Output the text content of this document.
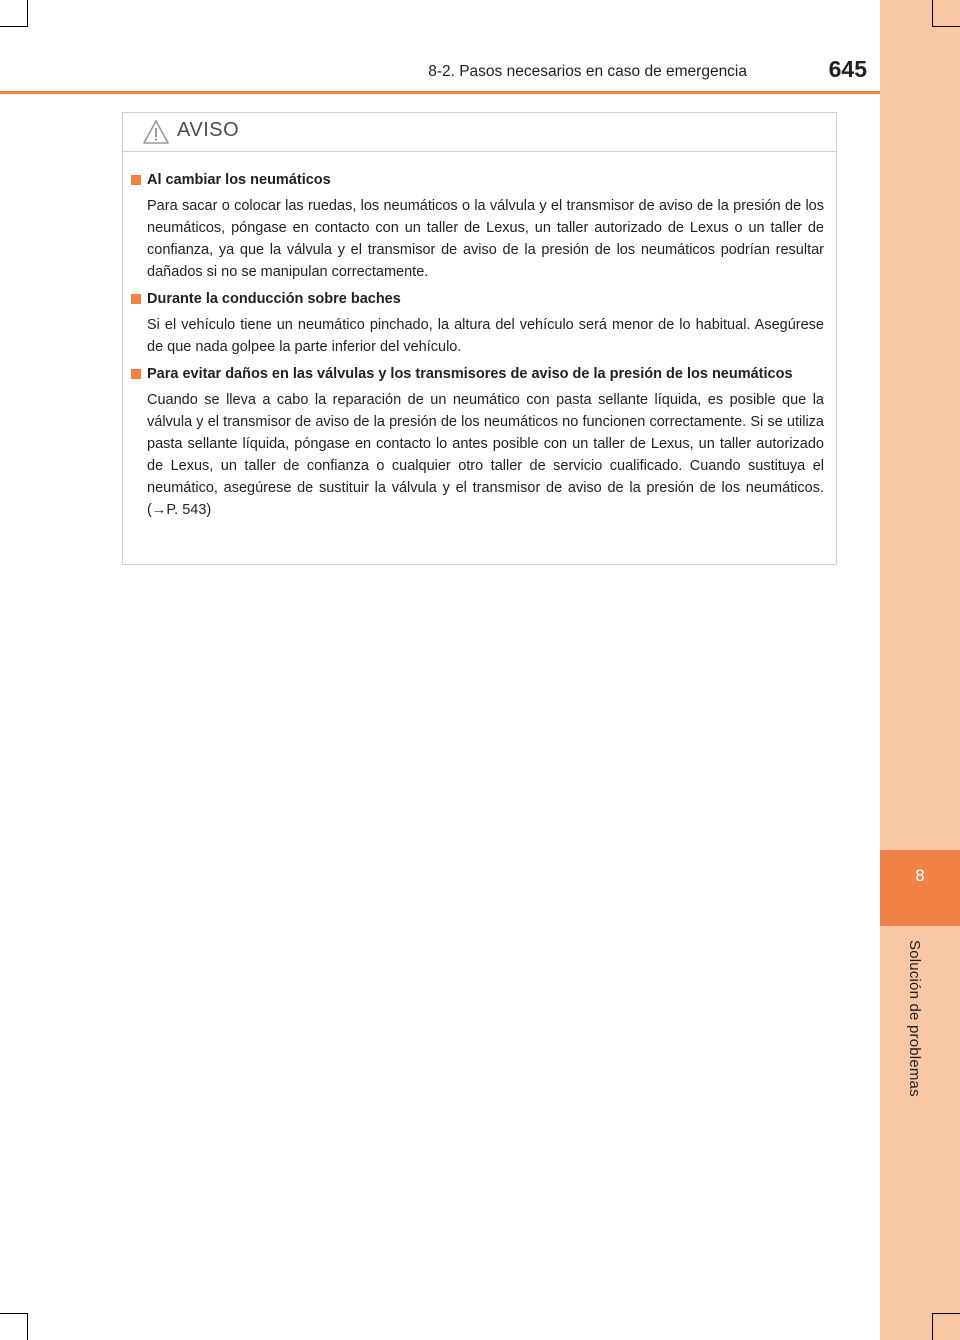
8
Solución de problemas
8-2. Pasos necesarios en caso de emergencia	645
AVISO
Al cambiar los neumáticos
Para sacar o colocar las ruedas, los neumáticos o la válvula y el transmisor de aviso de la presión de los neumáticos, póngase en contacto con un taller de Lexus, un taller autorizado de Lexus o un taller de confianza, ya que la válvula y el transmisor de aviso de la presión de los neumáticos podrían resultar dañados si no se manipulan correctamente.
Durante la conducción sobre baches
Si el vehículo tiene un neumático pinchado, la altura del vehículo será menor de lo habitual. Asegúrese de que nada golpee la parte inferior del vehículo.
Para evitar daños en las válvulas y los transmisores de aviso de la presión de los neumáticos
Cuando se lleva a cabo la reparación de un neumático con pasta sellante líquida, es posible que la válvula y el transmisor de aviso de la presión de los neumáticos no funcionen correctamente. Si se utiliza pasta sellante líquida, póngase en contacto lo antes posible con un taller de Lexus, un taller autorizado de Lexus, un taller de confianza o cualquier otro taller de servicio cualificado. Cuando sustituya el neumático, asegúrese de sustituir la válvula y el transmisor de aviso de la presión de los neumáticos. (→P. 543)
